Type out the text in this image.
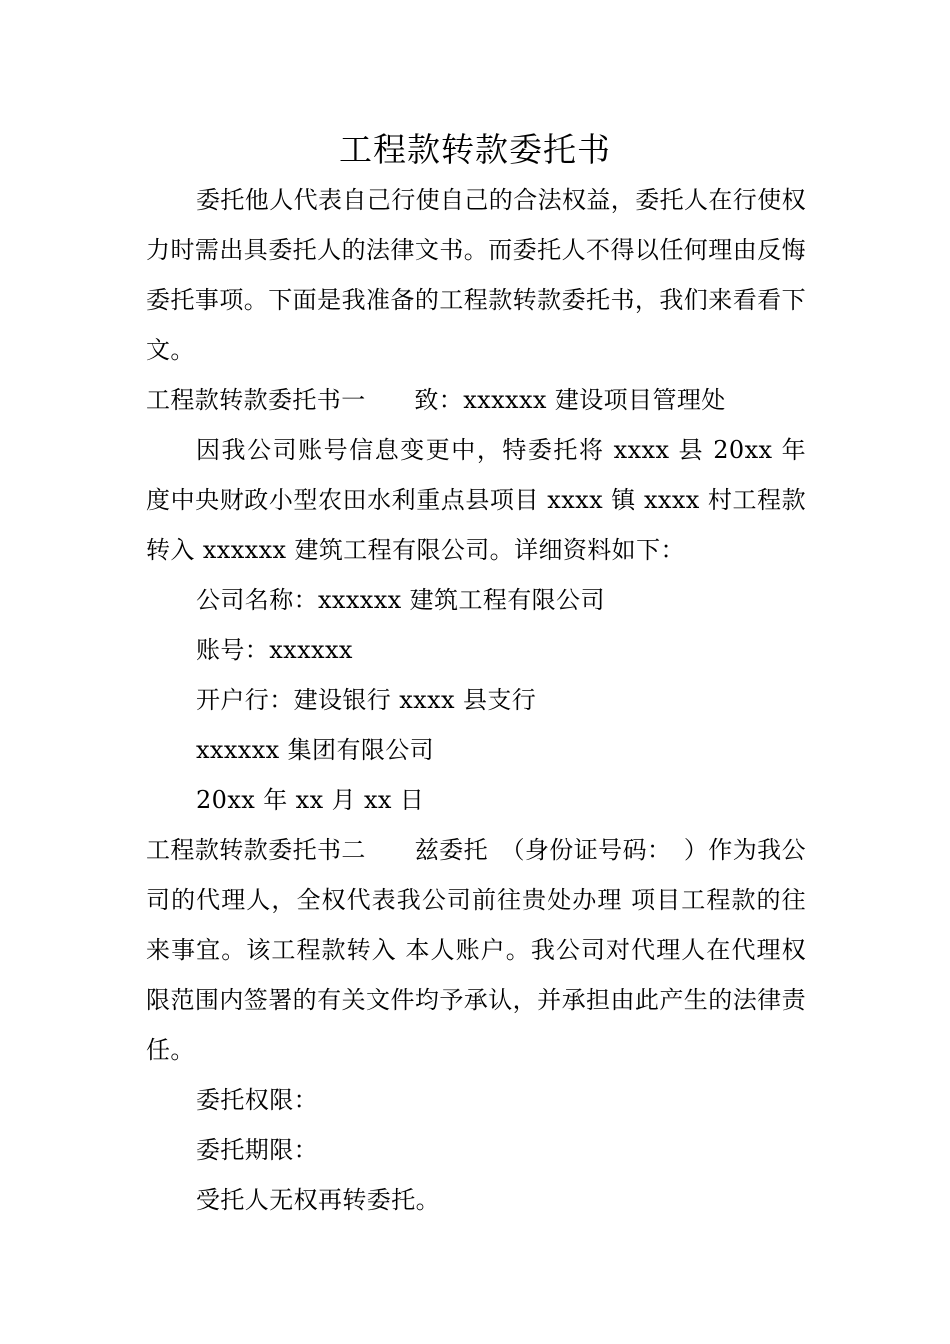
工程款转款委托书

委托他人代表自己行使自己的合法权益，委托人在行使权力时需出具委托人的法律文书。而委托人不得以任何理由反悔委托事项。下面是我准备的工程款转款委托书，我们来看看下文。

工程款转款委托书一　　致：xxxxxx 建设项目管理处

因我公司账号信息变更中，特委托将 xxxx 县 20xx 年度中央财政小型农田水利重点县项目 xxxx 镇 xxxx 村工程款转入 xxxxxx 建筑工程有限公司。详细资料如下：

公司名称：xxxxxx 建筑工程有限公司

账号：xxxxxx

开户行：建设银行 xxxx 县支行

xxxxxx 集团有限公司

20xx 年 xx 月 xx 日

工程款转款委托书二　　兹委托　（身份证号码：　）作为我公司的代理人，全权代表我公司前往贵处办理 项目工程款的往来事宜。该工程款转入 本人账户。我公司对代理人在代理权限范围内签署的有关文件均予承认，并承担由此产生的法律责任。

委托权限：

委托期限：

受托人无权再转委托。
